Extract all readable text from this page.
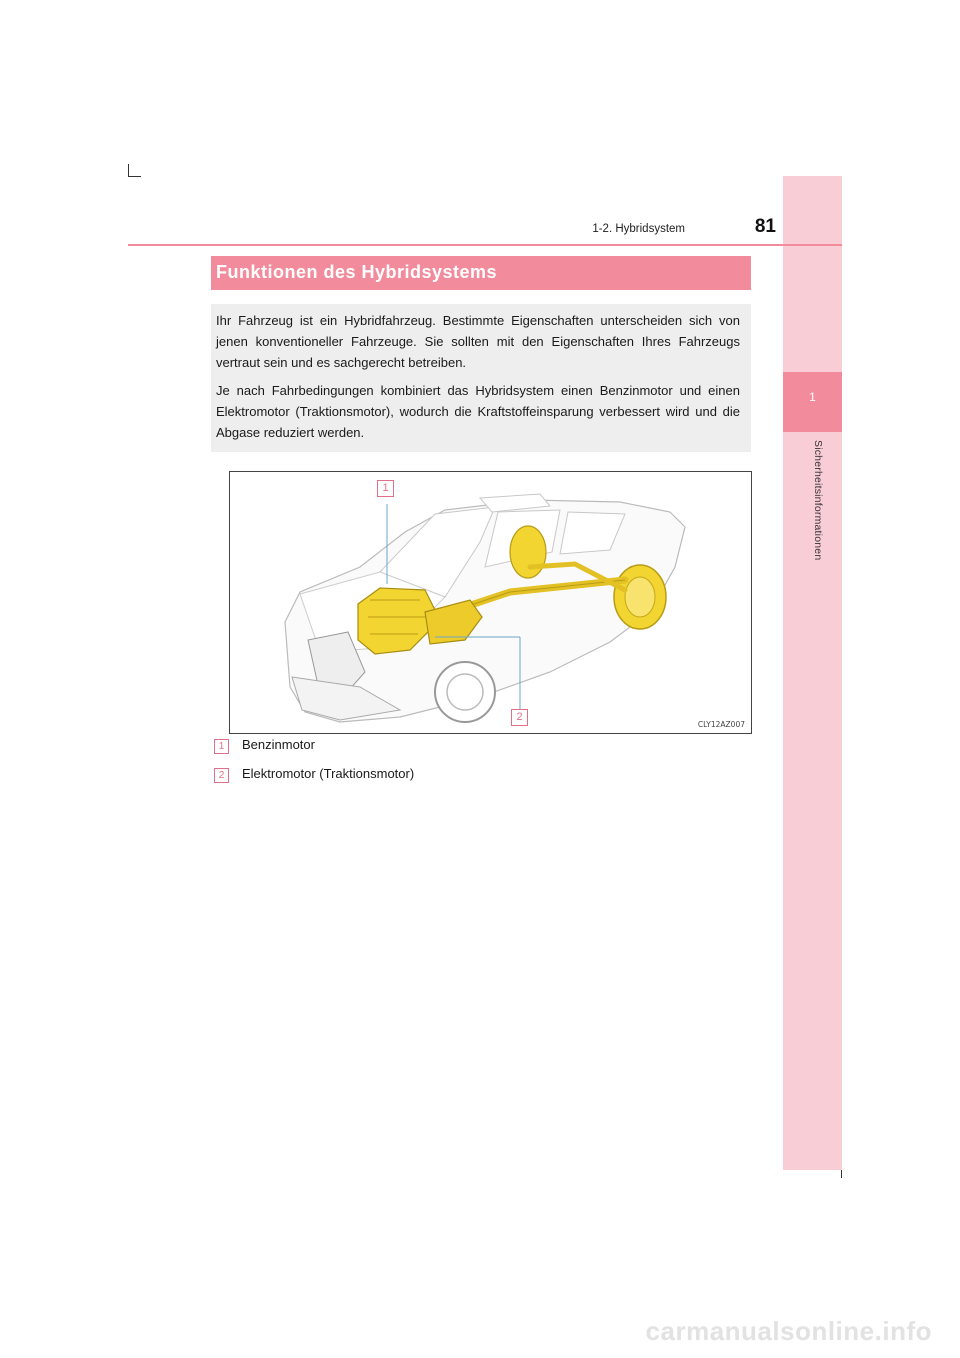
1
Sicherheitsinformationen
1-2. Hybridsystem	81
Funktionen des Hybridsystems

Ihr Fahrzeug ist ein Hybridfahrzeug. Bestimmte Eigenschaften unterscheiden sich von jenen konventioneller Fahrzeuge. Sie sollten mit den Eigenschaften Ihres Fahrzeugs vertraut sein und es sachgerecht betreiben.

Je nach Fahrbedingungen kombiniert das Hybridsystem einen Benzinmotor und einen Elektromotor (Traktionsmotor), wodurch die Kraftstoffeinsparung verbessert wird und die Abgase reduziert werden.

1
2
CLY12AZ007
1	Benzinmotor
2	Elektromotor (Traktionsmotor)
carmanualsonline.info
